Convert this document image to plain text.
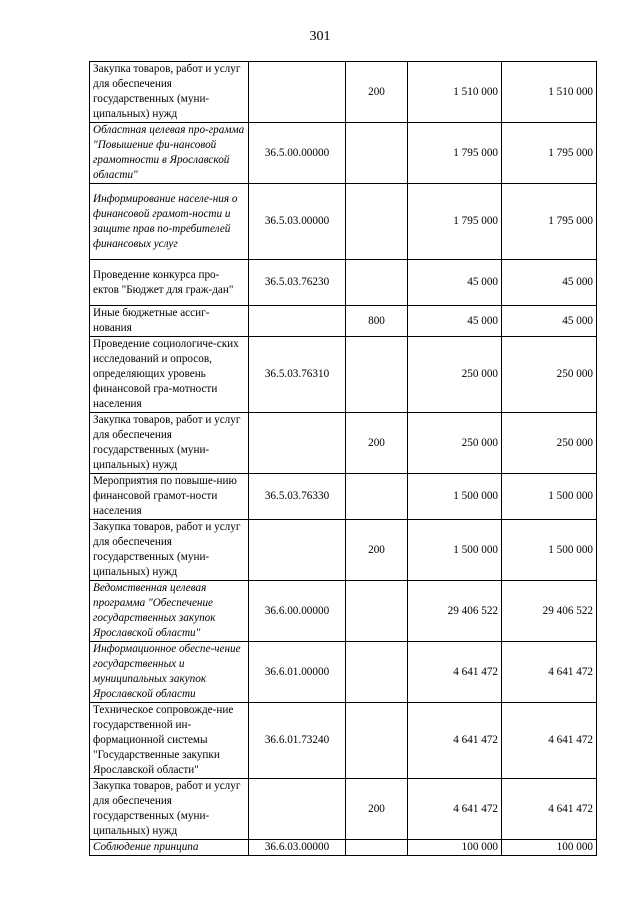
301
Закупка товаров, работ и услуг для обеспечения государственных (муни-ципальных) нужд		200	1 510 000	1 510 000
Областная целевая про-грамма "Повышение фи-нансовой грамотности в Ярославской области"	36.5.00.00000		1 795 000	1 795 000
Информирование населе-ния о финансовой грамот-ности и защите прав по-требителей финансовых услуг	36.5.03.00000		1 795 000	1 795 000
Проведение конкурса про-ектов "Бюджет для граж-дан"	36.5.03.76230		45 000	45 000
Иные бюджетные ассиг-нования		800	45 000	45 000
Проведение социологиче-ских исследований и опросов, определяющих уровень финансовой гра-мотности населения	36.5.03.76310		250 000	250 000
Закупка товаров, работ и услуг для обеспечения государственных (муни-ципальных) нужд		200	250 000	250 000
Мероприятия по повыше-нию финансовой грамот-ности населения	36.5.03.76330		1 500 000	1 500 000
Закупка товаров, работ и услуг для обеспечения государственных (муни-ципальных) нужд		200	1 500 000	1 500 000
Ведомственная целевая программа "Обеспечение государственных закупок Ярославской области"	36.6.00.00000		29 406 522	29 406 522
Информационное обеспе-чение государственных и муниципальных закупок Ярославской области	36.6.01.00000		4 641 472	4 641 472
Техническое сопровожде-ние государственной ин-формационной системы "Государственные закупки Ярославской области"	36.6.01.73240		4 641 472	4 641 472
Закупка товаров, работ и услуг для обеспечения государственных (муни-ципальных) нужд		200	4 641 472	4 641 472
Соблюдение принципа	36.6.03.00000		100 000	100 000
